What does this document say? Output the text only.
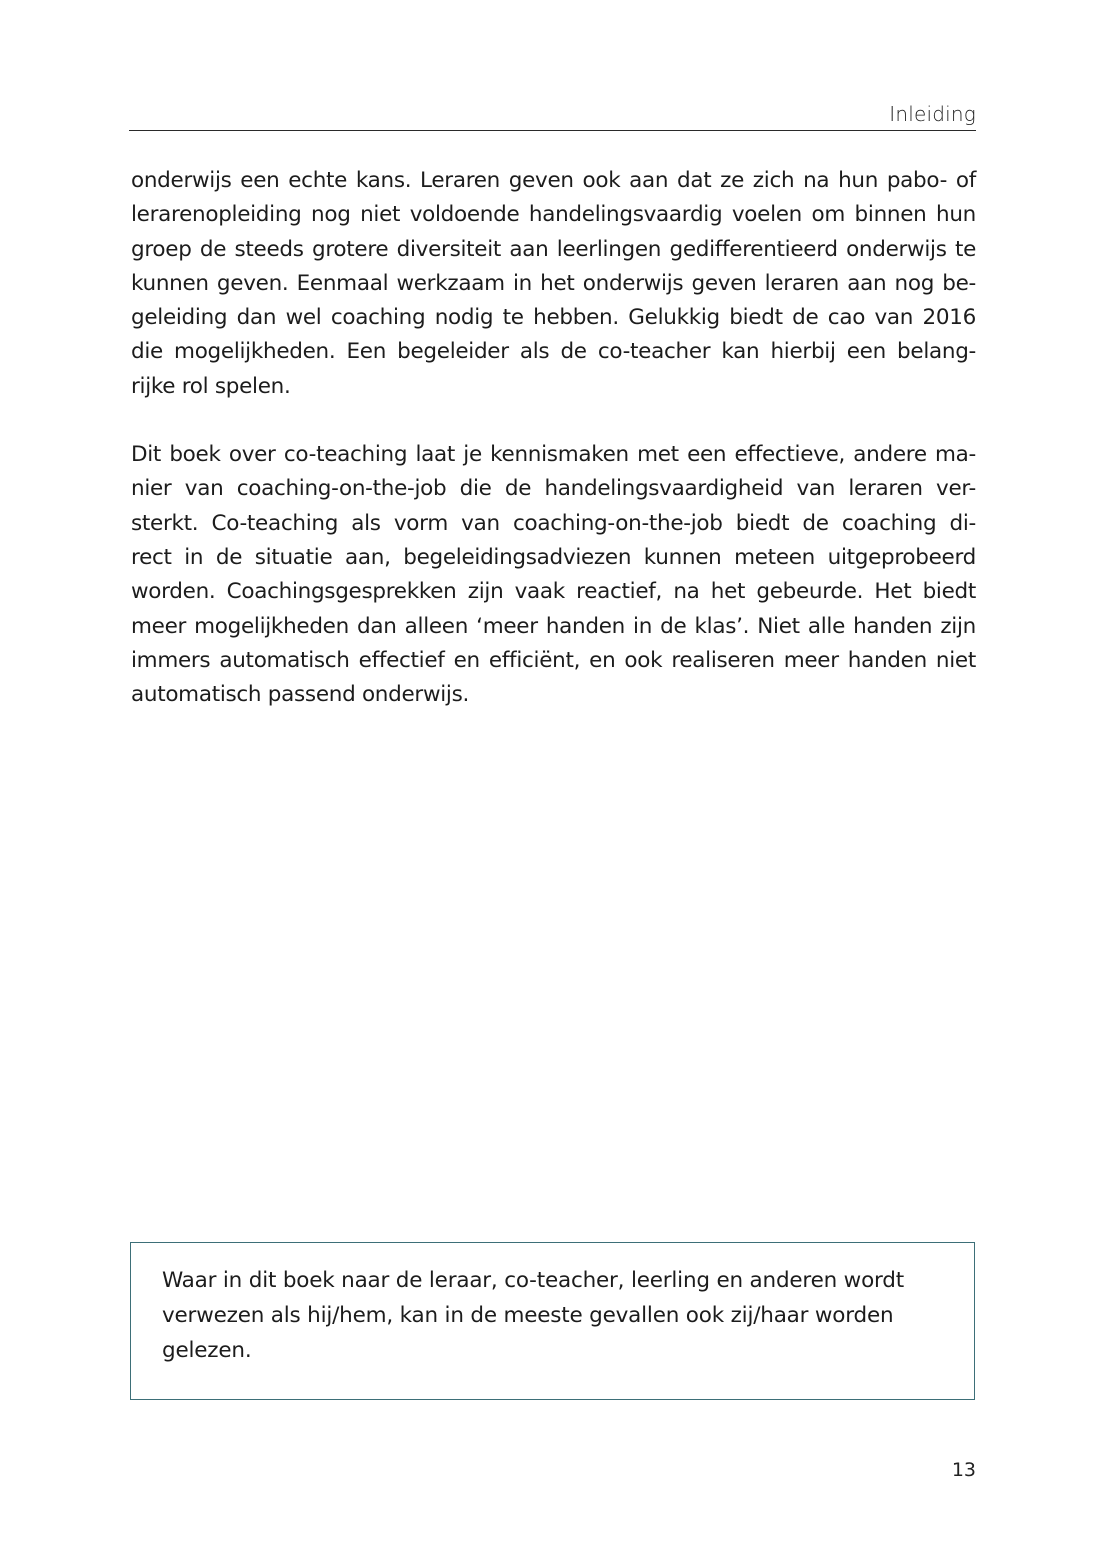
Inleiding

onderwijs een echte kans. Leraren geven ook aan dat ze zich na hun pabo- of
lerarenopleiding nog niet voldoende handelingsvaardig voelen om binnen hun
groep de steeds grotere diversiteit aan leerlingen gedifferentieerd onderwijs te
kunnen geven. Eenmaal werkzaam in het onderwijs geven leraren aan nog be-
geleiding dan wel coaching nodig te hebben. Gelukkig biedt de cao van 2016
die mogelijkheden. Een begeleider als de co-teacher kan hierbij een belang-
rijke rol spelen.

Dit boek over co-teaching laat je kennismaken met een effectieve, andere ma-
nier van coaching-on-the-job die de handelingsvaardigheid van leraren ver-
sterkt. Co-teaching als vorm van coaching-on-the-job biedt de coaching di-
rect in de situatie aan, begeleidingsadviezen kunnen meteen uitgeprobeerd
worden. Coachingsgesprekken zijn vaak reactief, na het gebeurde. Het biedt
meer mogelijkheden dan alleen ‘meer handen in de klas’. Niet alle handen zijn
immers automatisch effectief en efficiënt, en ook realiseren meer handen niet
automatisch passend onderwijs.

Waar in dit boek naar de leraar, co-teacher, leerling en anderen wordt verwezen als hij/hem, kan in de meeste gevallen ook zij/haar worden gelezen.
13
